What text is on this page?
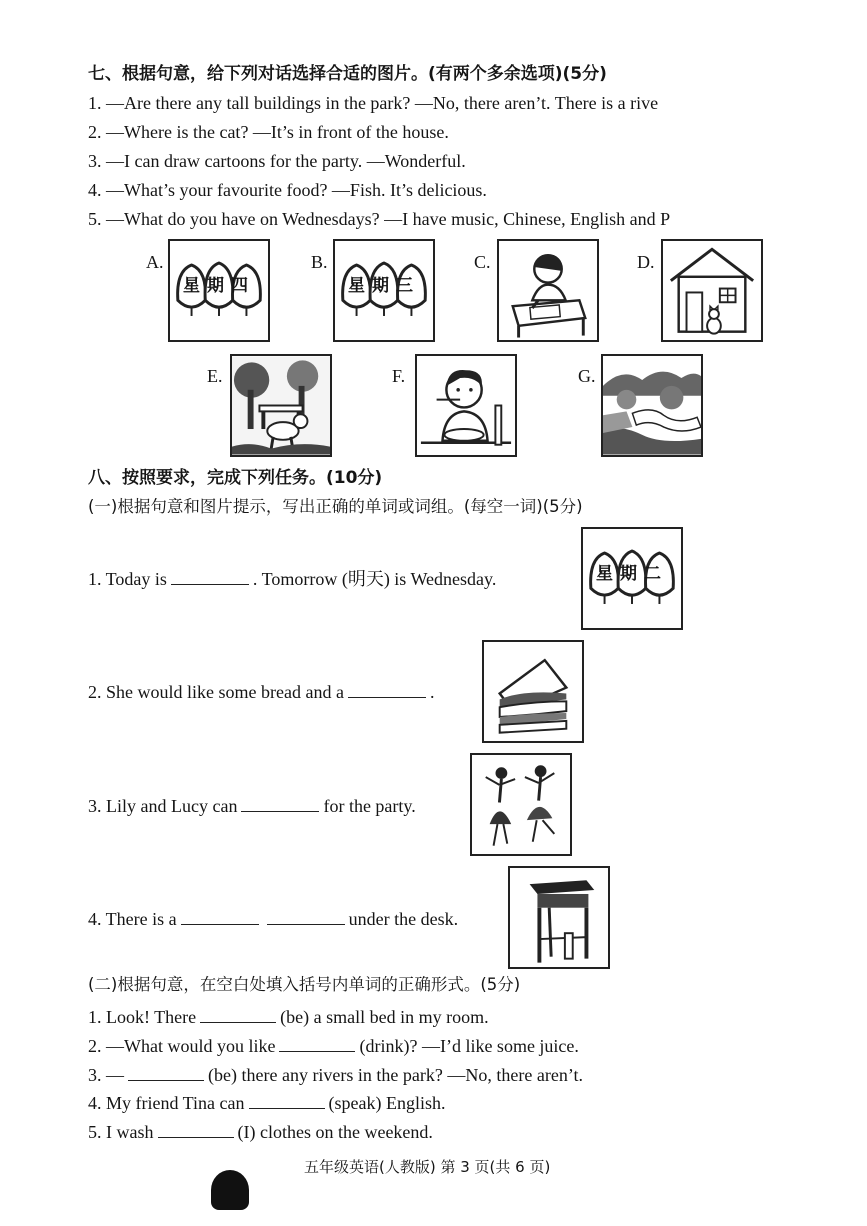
七、根据句意，给下列对话选择合适的图片。(有两个多余选项)(5分)
1. —Are there any tall buildings in the park? —No, there aren’t. There is a rive
2. —Where is the cat? —It’s in front of the house.
3. —I can draw cartoons for the party. —Wonderful.
4. —What’s your favourite food? —Fish. It’s delicious.
5. —What do you have on Wednesdays? —I have music, Chinese, English and P
A.
星期四
B.
星期三
C.	D.
E.	F.	G.
八、按照要求，完成下列任务。(10分)
(一)根据句意和图片提示，写出正确的单词或词组。(每空一词)(5分)
1. Today is	. Tomorrow (明天) is Wednesday.	星期二
2. She would like some bread and a	.
3. Lily and Lucy can	for the party.
4. There is a	under the desk.
(二)根据句意，在空白处填入括号内单词的正确形式。(5分)
1. Look! There	(be) a small bed in my room.
2. —What would you like	(drink)? —I’d like some juice.
3. —	(be) there any rivers in the park? —No, there aren’t.
4. My friend Tina can	(speak) English.
5. I wash	(I) clothes on the weekend.
五年级英语(人教版) 第 3 页(共 6 页)
